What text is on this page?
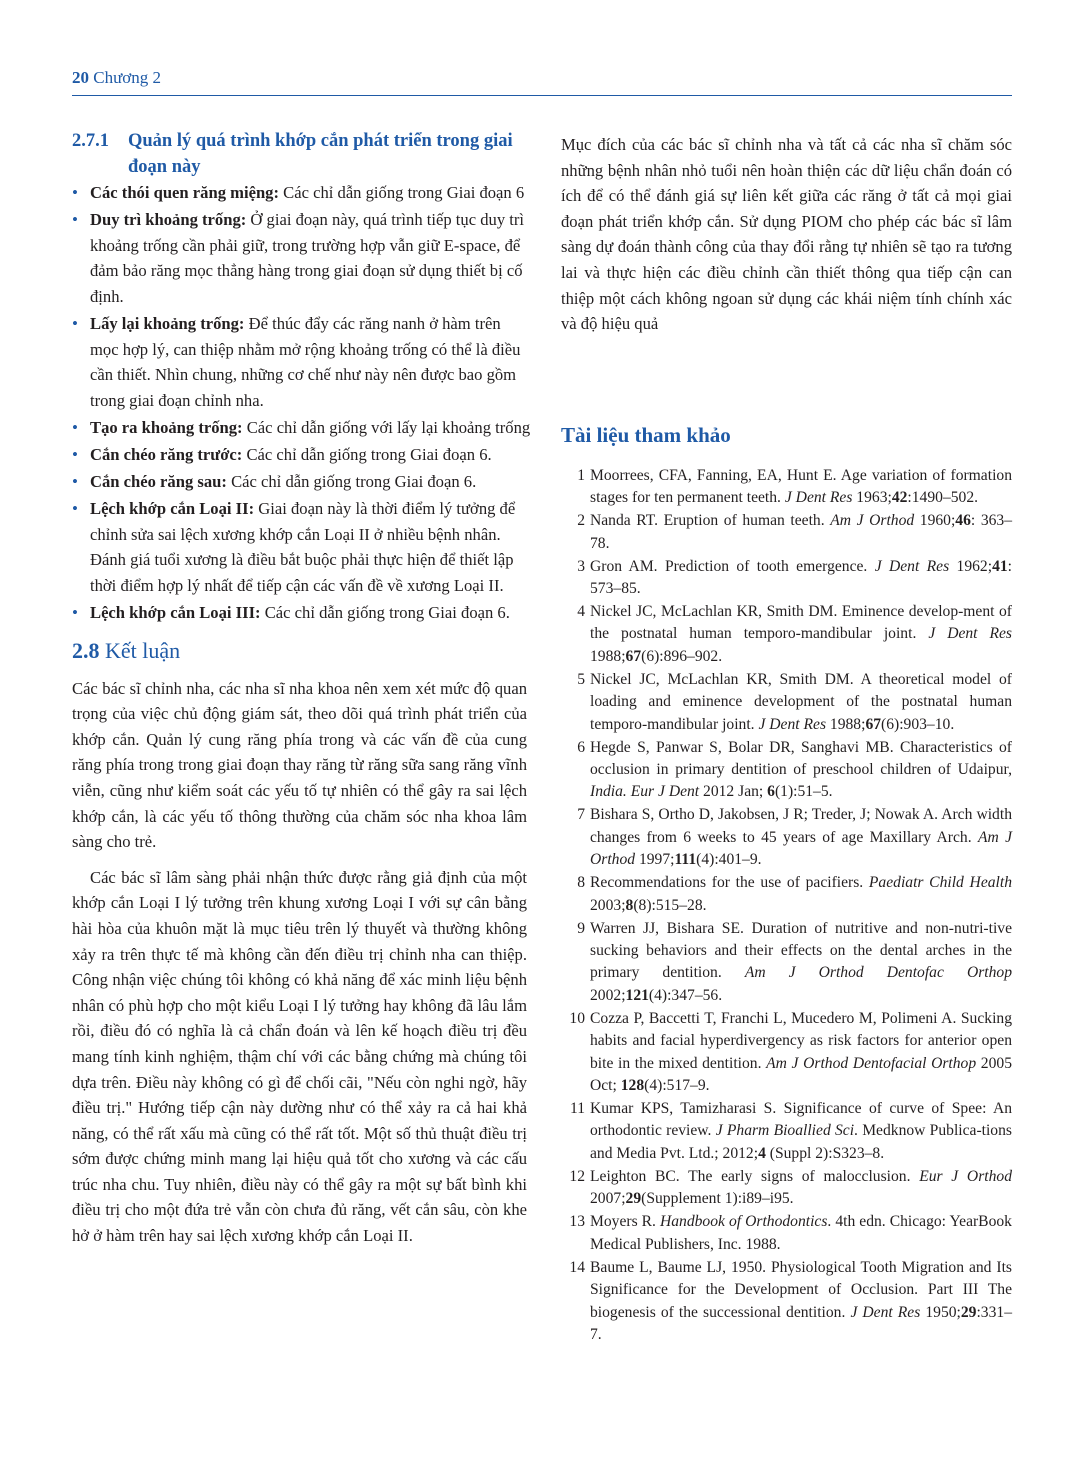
20 Chương 2
2.7.1	Quản lý quá trình khớp cắn phát triển trong giai đoạn này
• Các thói quen răng miệng: Các chỉ dẫn giống trong Giai đoạn 6
• Duy trì khoảng trống: Ở giai đoạn này, quá trình tiếp tục duy trì khoảng trống cần phải giữ, trong trường hợp vẫn giữ E-space, để đảm bảo răng mọc thẳng hàng trong giai đoạn sử dụng thiết bị cố định.
• Lấy lại khoảng trống: Để thúc đẩy các răng nanh ở hàm trên mọc hợp lý, can thiệp nhằm mở rộng khoảng trống có thể là điều cần thiết. Nhìn chung, những cơ chế như này nên được bao gồm trong giai đoạn chỉnh nha.
• Tạo ra khoảng trống: Các chỉ dẫn giống với lấy lại khoảng trống
• Cắn chéo răng trước: Các chỉ dẫn giống trong Giai đoạn 6.
• Cắn chéo răng sau: Các chỉ dẫn giống trong Giai đoạn 6.
• Lệch khớp cắn Loại II: Giai đoạn này là thời điểm lý tưởng để chỉnh sửa sai lệch xương khớp cắn Loại II ở nhiều bệnh nhân. Đánh giá tuổi xương là điều bắt buộc phải thực hiện để thiết lập thời điểm hợp lý nhất để tiếp cận các vấn đề về xương Loại II.
• Lệch khớp cắn Loại III: Các chỉ dẫn giống trong Giai đoạn 6.
2.8 Kết luận

Các bác sĩ chỉnh nha, các nha sĩ nha khoa nên xem xét mức độ quan trọng của việc chủ động giám sát, theo dõi quá trình phát triển của khớp cắn. Quản lý cung răng phía trong và các vấn đề của cung răng phía trong trong giai đoạn thay răng từ răng sữa sang răng vĩnh viễn, cũng như kiểm soát các yếu tố tự nhiên có thể gây ra sai lệch khớp cắn, là các yếu tố thông thường của chăm sóc nha khoa lâm sàng cho trẻ.

Các bác sĩ lâm sàng phải nhận thức được rằng giả định của một khớp cắn Loại I lý tưởng trên khung xương Loại I với sự cân bằng hài hòa của khuôn mặt là mục tiêu trên lý thuyết và thường không xảy ra trên thực tế mà không cần đến điều trị chỉnh nha can thiệp. Công nhận việc chúng tôi không có khả năng để xác minh liệu bệnh nhân có phù hợp cho một kiểu Loại I lý tưởng hay không đã lâu lắm rồi, điều đó có nghĩa là cả chẩn đoán và lên kế hoạch điều trị đều mang tính kinh nghiệm, thậm chí với các bằng chứng mà chúng tôi dựa trên. Điều này không có gì để chối cãi, "Nếu còn nghi ngờ, hãy điều trị." Hướng tiếp cận này dường như có thể xảy ra cả hai khả năng, có thể rất xấu mà cũng có thể rất tốt. Một số thủ thuật điều trị sớm được chứng minh mang lại hiệu quả tốt cho xương và các cấu trúc nha chu. Tuy nhiên, điều này có thể gây ra một sự bất bình khi điều trị cho một đứa trẻ vẫn còn chưa đủ răng, vết cắn sâu, còn khe hở ở hàm trên hay sai lệch xương khớp cắn Loại II.

Mục đích của các bác sĩ chỉnh nha và tất cả các nha sĩ chăm sóc những bệnh nhân nhỏ tuổi nên hoàn thiện các dữ liệu chẩn đoán có ích để có thể đánh giá sự liên kết giữa các răng ở tất cả mọi giai đoạn phát triển khớp cắn. Sử dụng PIOM cho phép các bác sĩ lâm sàng dự đoán thành công của thay đổi rằng tự nhiên sẽ tạo ra tương lai và thực hiện các điều chỉnh cần thiết thông qua tiếp cận can thiệp một cách không ngoan sử dụng các khái niệm tính chính xác và độ hiệu quả

Tài liệu tham khảo
1 Moorrees, CFA, Fanning, EA, Hunt E. Age variation of formation stages for ten permanent teeth. J Dent Res 1963;42:1490–502.
2 Nanda RT. Eruption of human teeth. Am J Orthod 1960;46: 363–78.
3 Gron AM. Prediction of tooth emergence. J Dent Res 1962;41: 573–85.
4 Nickel JC, McLachlan KR, Smith DM. Eminence develop-ment of the postnatal human temporo-mandibular joint. J Dent Res 1988;67(6):896–902.
5 Nickel JC, McLachlan KR, Smith DM. A theoretical model of loading and eminence development of the postnatal human temporo-mandibular joint. J Dent Res 1988;67(6):903–10.
6 Hegde S, Panwar S, Bolar DR, Sanghavi MB. Characteristics of occlusion in primary dentition of preschool children of Udaipur, India. Eur J Dent 2012 Jan; 6(1):51–5.
7 Bishara S, Ortho D, Jakobsen, J R; Treder, J; Nowak A. Arch width changes from 6 weeks to 45 years of age Maxillary Arch. Am J Orthod 1997;111(4):401–9.
8 Recommendations for the use of pacifiers. Paediatr Child Health 2003;8(8):515–28.
9 Warren JJ, Bishara SE. Duration of nutritive and non-nutri-tive sucking behaviors and their effects on the dental arches in the primary dentition. Am J Orthod Dentofac Orthop 2002;121(4):347–56.
10 Cozza P, Baccetti T, Franchi L, Mucedero M, Polimeni A. Sucking habits and facial hyperdivergency as risk factors for anterior open bite in the mixed dentition. Am J Orthod Dentofacial Orthop 2005 Oct; 128(4):517–9.
11 Kumar KPS, Tamizharasi S. Significance of curve of Spee: An orthodontic review. J Pharm Bioallied Sci. Medknow Publica-tions and Media Pvt. Ltd.; 2012;4 (Suppl 2):S323–8.
12 Leighton BC. The early signs of malocclusion. Eur J Orthod 2007;29(Supplement 1):i89–i95.
13 Moyers R. Handbook of Orthodontics. 4th edn. Chicago: YearBook Medical Publishers, Inc. 1988.
14 Baume L, Baume LJ, 1950. Physiological Tooth Migration and Its Significance for the Development of Occlusion. Part III The biogenesis of the successional dentition. J Dent Res 1950;29:331–7.
